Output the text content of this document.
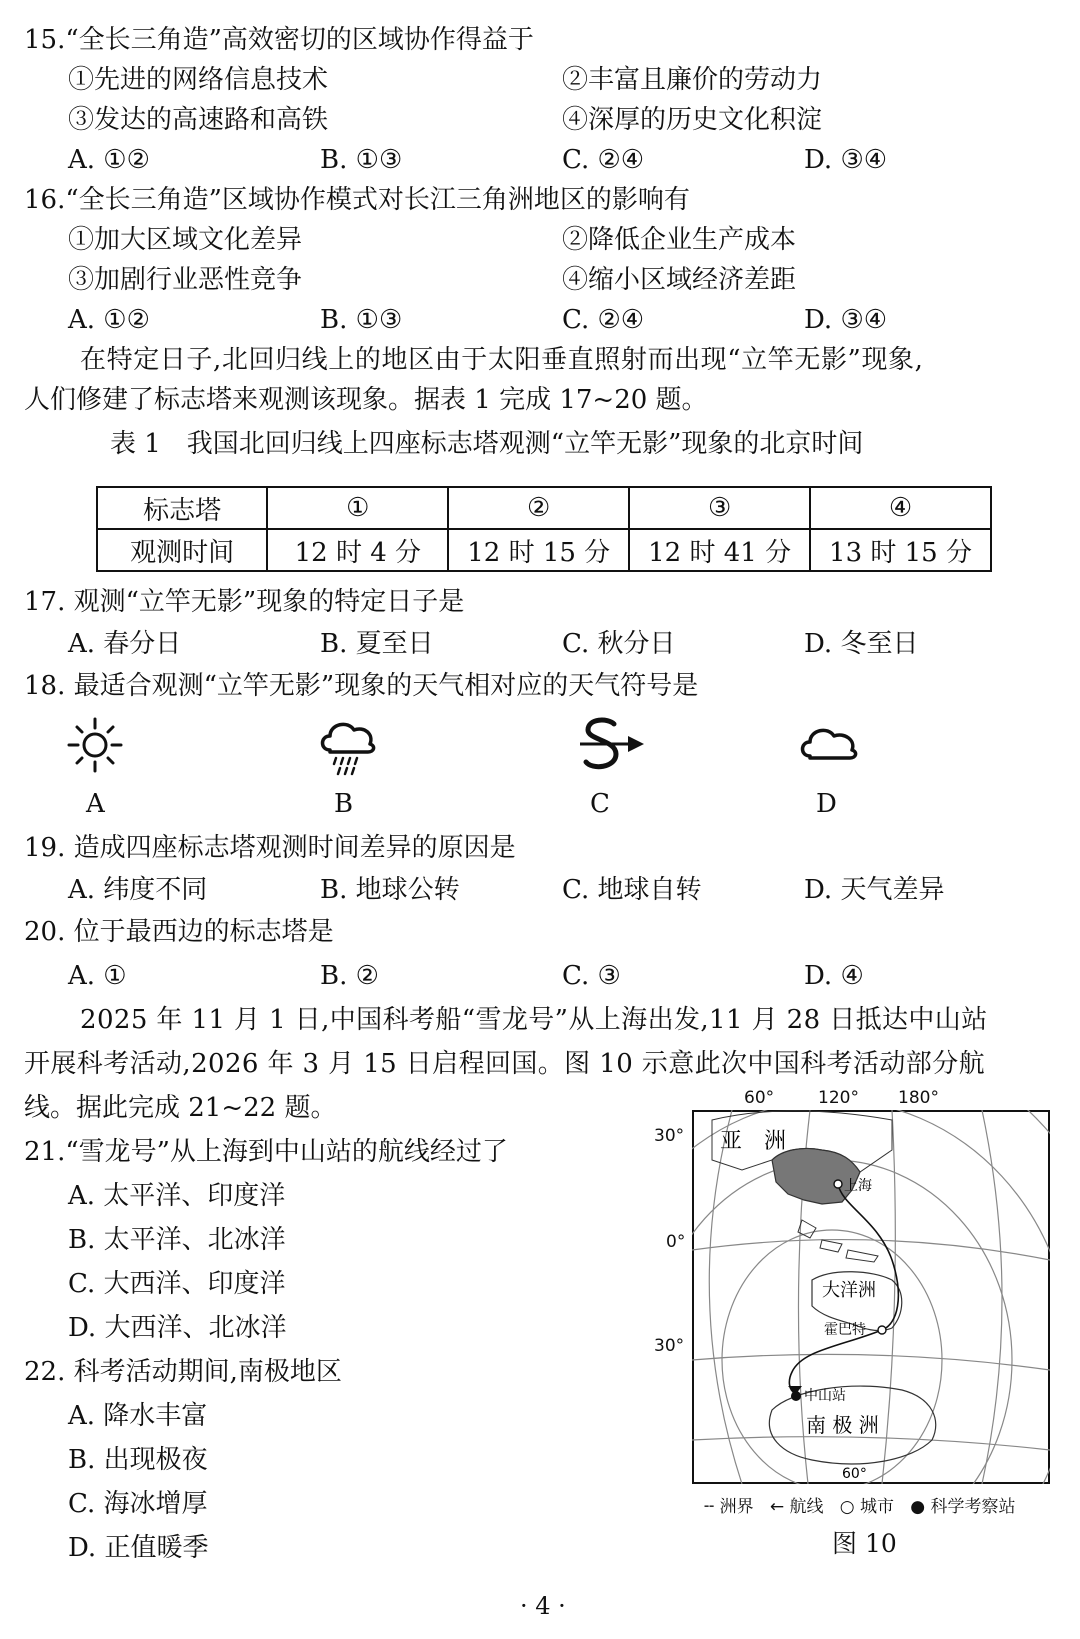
15.“全长三角造”高效密切的区域协作得益于
①先进的网络信息技术	②丰富且廉价的劳动力
③发达的高速路和高铁	④深厚的历史文化积淀
A. ①②	B. ①③	C. ②④	D. ③④
16.“全长三角造”区域协作模式对长江三角洲地区的影响有
①加大区域文化差异	②降低企业生产成本
③加剧行业恶性竞争	④缩小区域经济差距
A. ①②	B. ①③	C. ②④	D. ③④
在特定日子,北回归线上的地区由于太阳垂直照射而出现“立竿无影”现象,
人们修建了标志塔来观测该现象。据表 1 完成 17~20 题。
表 1　我国北回归线上四座标志塔观测“立竿无影”现象的北京时间
标志塔	①	②	③	④
观测时间	12 时 4 分	12 时 15 分	12 时 41 分	13 时 15 分
17. 观测“立竿无影”现象的特定日子是
A. 春分日	B. 夏至日	C. 秋分日	D. 冬至日
18. 最适合观测“立竿无影”现象的天气相对应的天气符号是
A	B	C	D
19. 造成四座标志塔观测时间差异的原因是
A. 纬度不同	B. 地球公转	C. 地球自转	D. 天气差异
20. 位于最西边的标志塔是
A. ①	B. ②	C. ③	D. ④
2025 年 11 月 1 日,中国科考船“雪龙号”从上海出发,11 月 28 日抵达中山站
开展科考活动,2026 年 3 月 15 日启程回国。图 10 示意此次中国科考活动部分航
线。据此完成 21~22 题。
21.“雪龙号”从上海到中山站的航线经过了
A. 太平洋、印度洋
B. 太平洋、北冰洋
C. 大西洋、印度洋
D. 大西洋、北冰洋
22. 科考活动期间,南极地区
A. 降水丰富
B. 出现极夜
C. 海冰增厚
D. 正值暖季
亚　洲
上海
大洋洲
霍巴特
中山站
南 极 洲
60°
60°	120° 180°
30°
0°
30°
╌ 洲界 ← 航线 ○ 城市 ● 科学考察站
图 10
· 4 ·
